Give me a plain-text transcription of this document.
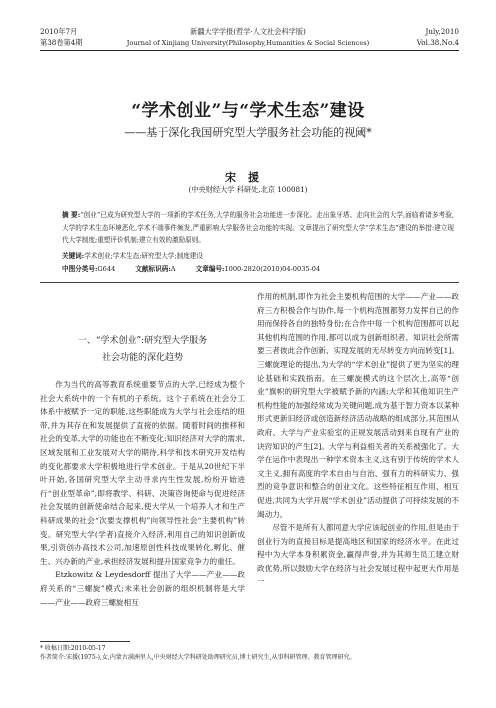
2010年7月
第38卷第4期
新疆大学学报(哲学·人文社会科学版)
Journal of Xinjiang University(Philosophy,Humanities & Social Sciences)
July,2010
Vol.38,No.4
“学术创业”与“学术生态”建设
——基于深化我国研究型大学服务社会功能的视阈*
宋援
(中央财经大学 科研处,北京 100081)
摘 要:“创业”已成为研究型大学的一项新的学术任务,大学的服务社会功能进一步深化。走出象牙塔、走向社会的大学,面临着诸多考验,大学的学术生态环境恶化,学术不端事件频发,严重影响大学服务社会功能的实现。文章提出了研究型大学“学术生态”建设的举措:建立现代大学制度;重塑评价机制;建立有效的激励原则。
关键词:学术创业;学术生态;研究型大学;制度建设
中图分类号:G644	文献标识码:A	文章编号:1000-2820(2010)04-0035-04
一、“学术创业”:研究型大学服务
社会功能的深化趋势

作为当代的高等教育系统重要节点的大学,已经成为整个社会大系统中的一个有机的子系统。这个子系统在社会分工体系中被赋予一定的职能,这些职能成为大学与社会连结的纽带,并为其存在和发展提供了直接的依据。随着时间的推移和社会的变革,大学的功能也在不断变化:知识经济对大学的需求,区域发展和工业发展对大学的期待,科学和技术研究开发结构的变化都要求大学积极地进行学术创业。于是从20世纪下半叶开始,各国研究型大学主动寻求内生性发展,纷纷开始进行“创业型革命”,即将教学、科研、决策咨询使命与促进经济社会发展的创新使命结合起来,使大学从一个培养人才和生产科研成果的社会“次要支撑机构”向领导性社会“主要机构”转变。研究型大学(学者)直接介入经济,利用自己的知识创新成果,引资创办高技术公司,加速原创性科技成果转化,孵化、催生、兴办新的产业,承担经济发展和提升国家竞争力的重任。

Etzkowitz & Leydesdorff 提出了大学——产业——政府关系的“三螺旋”模式;未来社会创新的组织机制将是大学——产业——政府三螺旋相互

作用的机制,即作为社会主要机构范围的大学——产业——政府三方积极合作与协作,每一个机构范围都努力发挥自己的作用而保持各自的独特身份;在合作中每一个机构范围都可以起其他机构范围的作用,都可以成为创新组织者。知识社会所需要三者彼此合作创新、实现发展的无尽转变方向而转变[1]。三螺旋理论的提出,为大学的“学术创业”提供了更为坚实的理论基础和实践指南。在三螺旋模式的这个层次上,高等“创业”旗帜的研究型大学被赋予新的内涵:大学和其他知识生产机构性能的加强经常成为关键问题,成为基于智力资本以某种形式更新旧经济或创造新经济活动战略的组成部分,其范围从政府、大学与产业实验室的正规发展活动到来自现有产业的诀窍知识的产生[2]。大学与利益相关者的关系被强化了。大学在运作中表现出一种学术资本主义,这有别于传统的学术人文主义,拥有高度的学术自由与自治、强有力的科研实力、强烈的竞争意识和整合的创业文化。这些特征相互作用、相互促进,共同为大学开展“学术创业”活动提供了可持续发展的不竭动力。

尽管不是所有人都同意大学应该起创业的作用,但是由于创业行为的直接目标是提高地区和国家的经济水平。在此过程中为大学本身积累资金,赢得声誉,并为其师生员工建立财政优势,所以鼓励大学在经济与社会发展过程中起更大作用是一

* 收稿日期:2010-05-17
作者简介:宋援(1975-),女,内蒙古满洲里人,中央财经大学科研处助理研究员,博士研究生,从事科研管理、教育管理研究。
